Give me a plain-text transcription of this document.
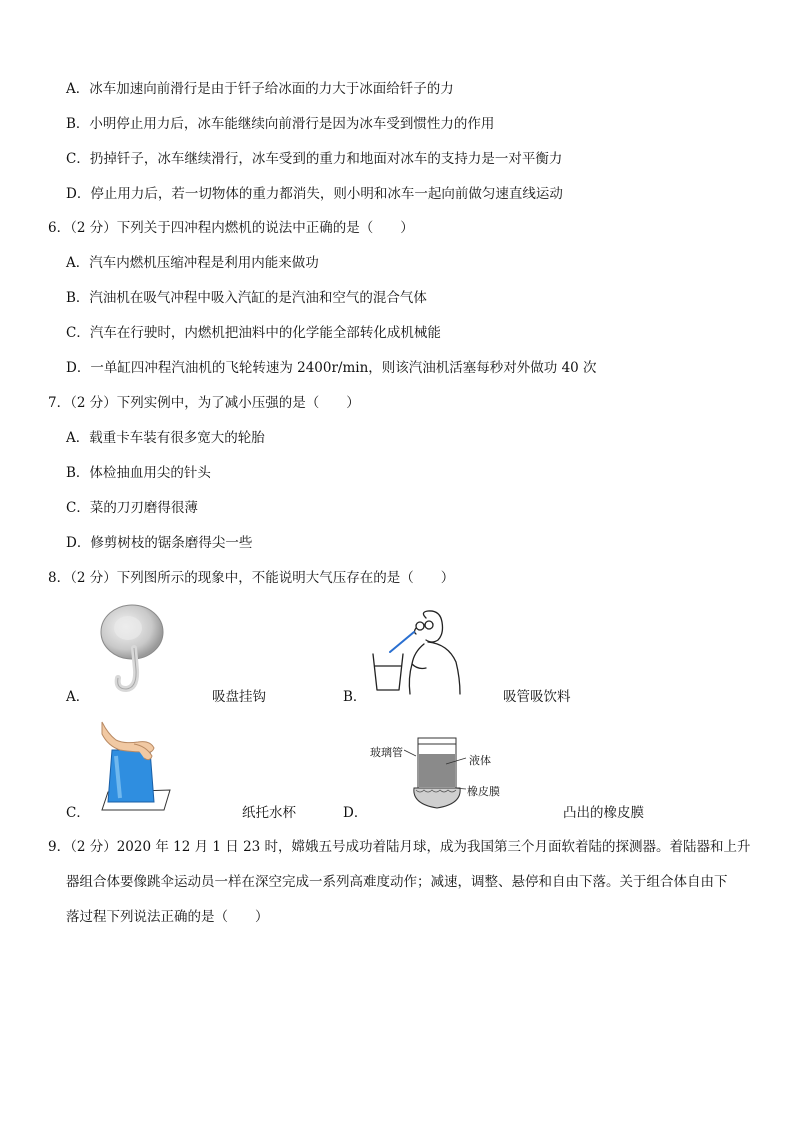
A．冰车加速向前滑行是由于钎子给冰面的力大于冰面给钎子的力
B．小明停止用力后，冰车能继续向前滑行是因为冰车受到惯性力的作用
C．扔掉钎子，冰车继续滑行，冰车受到的重力和地面对冰车的支持力是一对平衡力
D．停止用力后，若一切物体的重力都消失，则小明和冰车一起向前做匀速直线运动
6．（2 分）下列关于四冲程内燃机的说法中正确的是（　　）
A．汽车内燃机压缩冲程是利用内能来做功
B．汽油机在吸气冲程中吸入汽缸的是汽油和空气的混合气体
C．汽车在行驶时，内燃机把油料中的化学能全部转化成机械能
D．一单缸四冲程汽油机的飞轮转速为 2400r/min，则该汽油机活塞每秒对外做功 40 次
7．（2 分）下列实例中，为了减小压强的是（　　）
A．载重卡车装有很多宽大的轮胎
B．体检抽血用尖的针头
C．菜的刀刃磨得很薄
D．修剪树枝的锯条磨得尖一些
8．（2 分）下列图所示的现象中，不能说明大气压存在的是（　　）
A．	吸盘挂钩	B．	吸管吸饮料
C．	纸托水杯
玻璃管
液体
橡皮膜
D．	凸出的橡皮膜
9．（2 分）2020 年 12 月 1 日 23 时，嫦娥五号成功着陆月球，成为我国第三个月面软着陆的探测器。着陆器和上升
器组合体要像跳伞运动员一样在深空完成一系列高难度动作；减速，调整、悬停和自由下落。关于组合体自由下
落过程下列说法正确的是（　　）
